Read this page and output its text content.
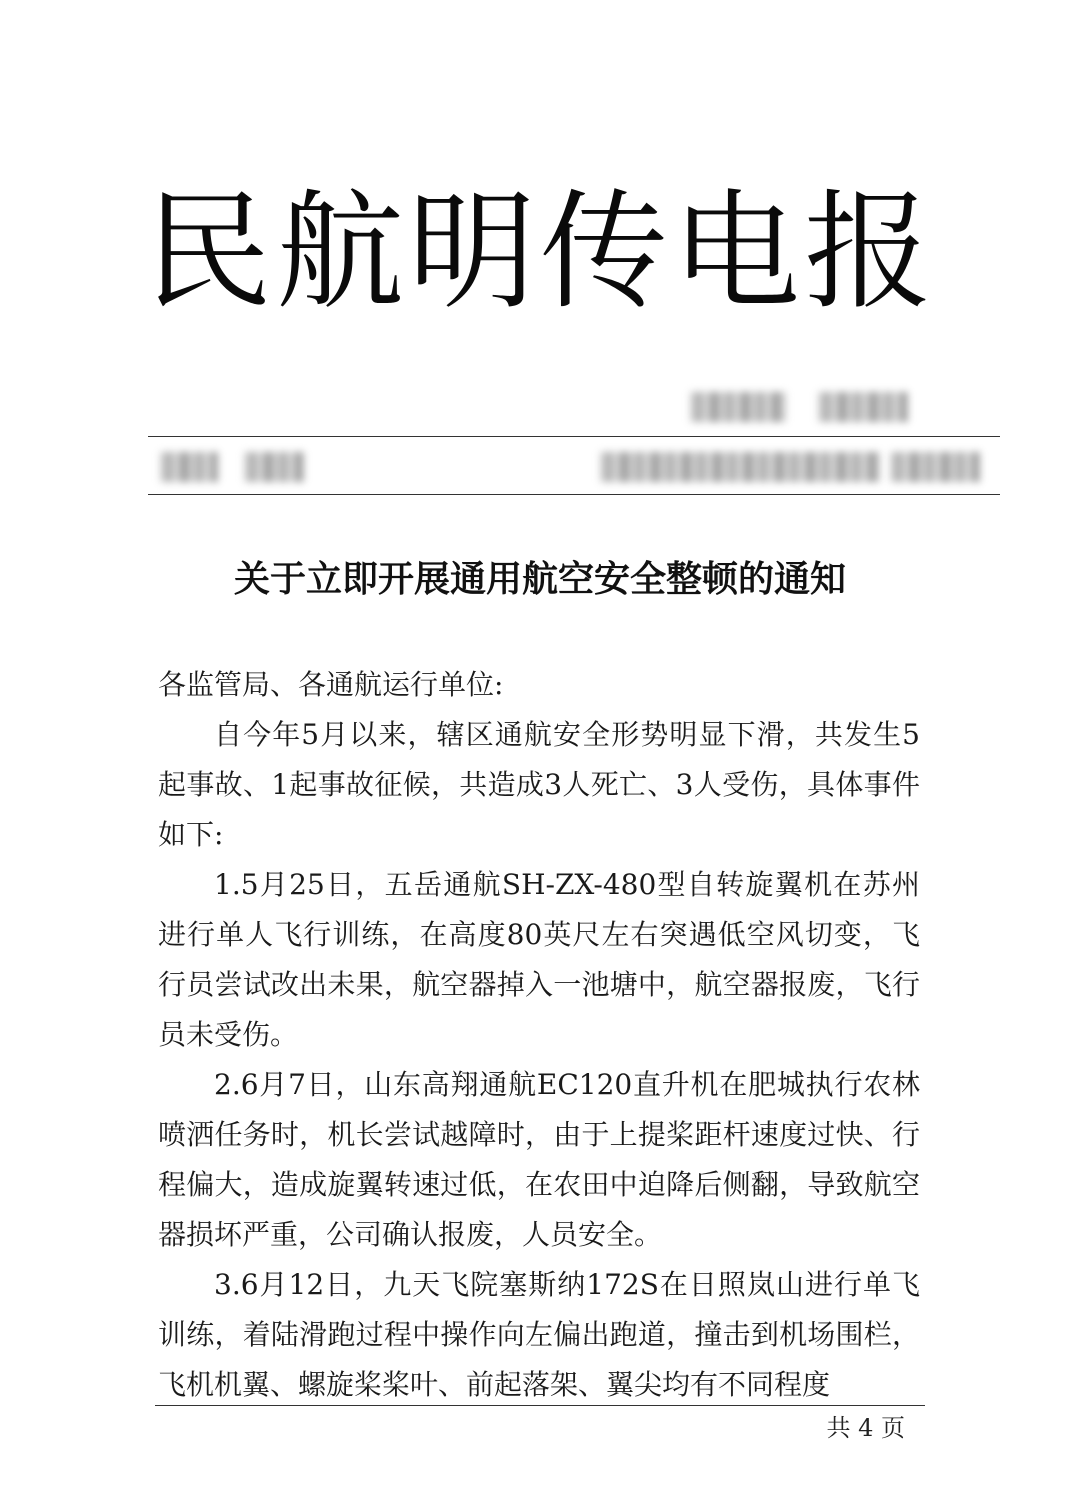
民航明传电报
关于立即开展通用航空安全整顿的通知

各监管局、各通航运行单位:

自今年5月以来，辖区通航安全形势明显下滑，共发生5起事故、1起事故征候，共造成3人死亡、3人受伤，具体事件如下:

1.5月25日，五岳通航SH-ZX-480型自转旋翼机在苏州进行单人飞行训练，在高度80英尺左右突遇低空风切变，飞行员尝试改出未果，航空器掉入一池塘中，航空器报废，飞行员未受伤。

2.6月7日，山东高翔通航EC120直升机在肥城执行农林喷洒任务时，机长尝试越障时，由于上提桨距杆速度过快、行程偏大，造成旋翼转速过低，在农田中迫降后侧翻，导致航空器损坏严重，公司确认报废，人员安全。

3.6月12日，九天飞院塞斯纳172S在日照岚山进行单飞训练，着陆滑跑过程中操作向左偏出跑道，撞击到机场围栏，飞机机翼、螺旋桨桨叶、前起落架、翼尖均有不同程度

共 4 页
